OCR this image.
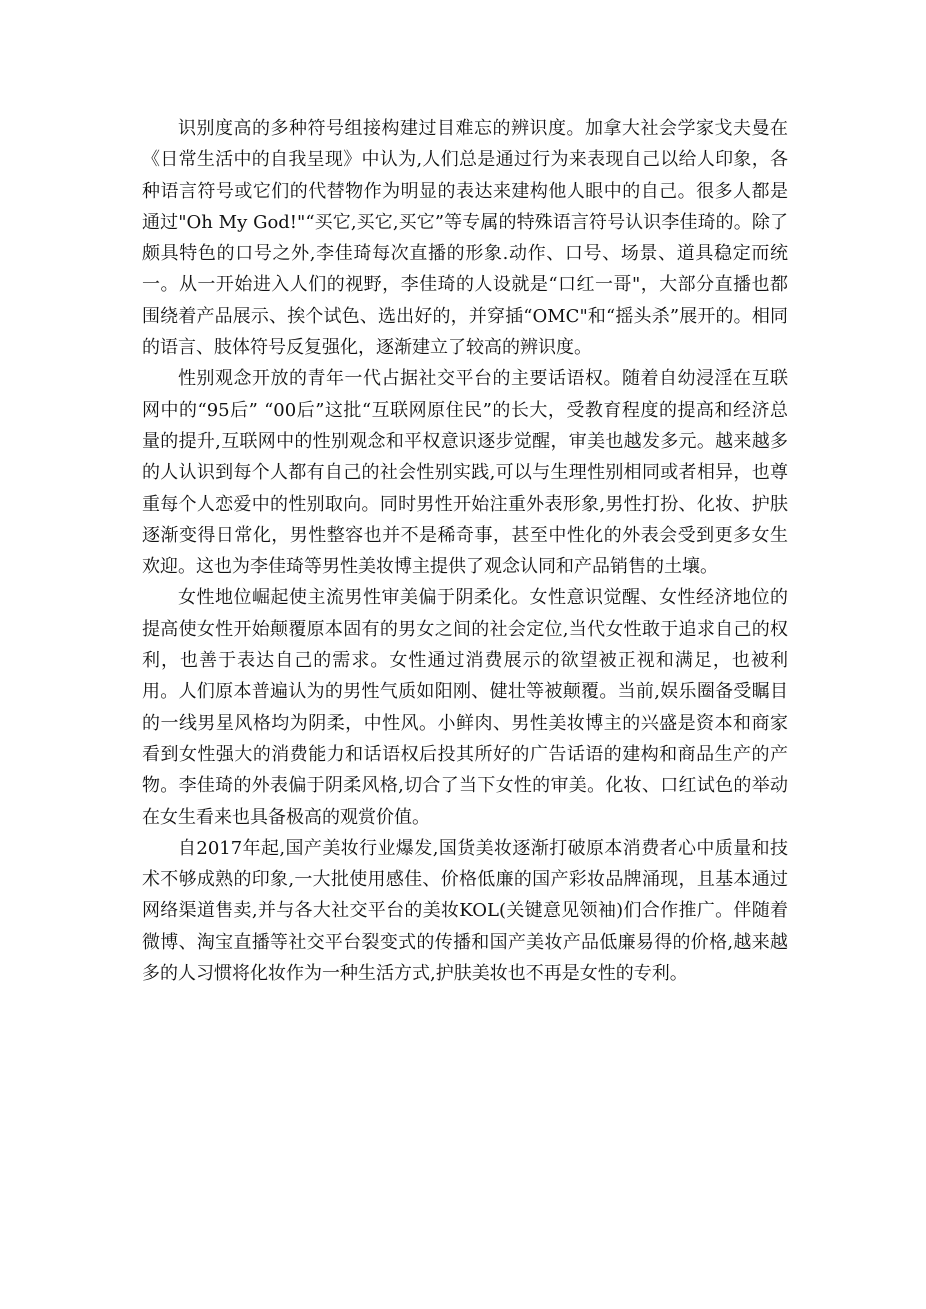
识别度高的多种符号组接构建过目难忘的辨识度。加拿大社会学家戈夫曼在《日常生活中的自我呈现》中认为,人们总是通过行为来表现自己以给人印象，各种语言符号或它们的代替物作为明显的表达来建构他人眼中的自己。很多人都是通过"Oh My God!"“买它,买它,买它”等专属的特殊语言符号认识李佳琦的。除了颇具特色的口号之外,李佳琦每次直播的形象.动作、口号、场景、道具稳定而统一。从一开始进入人们的视野，李佳琦的人设就是“口红一哥"，大部分直播也都围绕着产品展示、挨个试色、选出好的，并穿插“OMC"和“摇头杀”展开的。相同的语言、肢体符号反复强化，逐渐建立了较高的辨识度。

性别观念开放的青年一代占据社交平台的主要话语权。随着自幼浸淫在互联网中的“95后” “00后”这批“互联网原住民”的长大，受教育程度的提高和经济总量的提升,互联网中的性别观念和平权意识逐步觉醒，审美也越发多元。越来越多的人认识到每个人都有自己的社会性别实践,可以与生理性别相同或者相异，也尊重每个人恋爱中的性别取向。同时男性开始注重外表形象,男性打扮、化妆、护肤逐渐变得日常化，男性整容也并不是稀奇事，甚至中性化的外表会受到更多女生欢迎。这也为李佳琦等男性美妆博主提供了观念认同和产品销售的土壤。

女性地位崛起使主流男性审美偏于阴柔化。女性意识觉醒、女性经济地位的提高使女性开始颠覆原本固有的男女之间的社会定位,当代女性敢于追求自己的权利，也善于表达自己的需求。女性通过消费展示的欲望被正视和满足，也被利用。人们原本普遍认为的男性气质如阳刚、健壮等被颠覆。当前,娱乐圈备受瞩目的一线男星风格均为阴柔，中性风。小鲜肉、男性美妆博主的兴盛是资本和商家看到女性强大的消费能力和话语权后投其所好的广告话语的建构和商品生产的产物。李佳琦的外表偏于阴柔风格,切合了当下女性的审美。化妆、口红试色的举动在女生看来也具备极高的观赏价值。

自2017年起,国产美妆行业爆发,国货美妆逐渐打破原本消费者心中质量和技术不够成熟的印象,一大批使用感佳、价格低廉的国产彩妆品牌涌现，且基本通过网络渠道售卖,并与各大社交平台的美妆KOL(关键意见领袖)们合作推广。伴随着微博、淘宝直播等社交平台裂变式的传播和国产美妆产品低廉易得的价格,越来越多的人习惯将化妆作为一种生活方式,护肤美妆也不再是女性的专利。
